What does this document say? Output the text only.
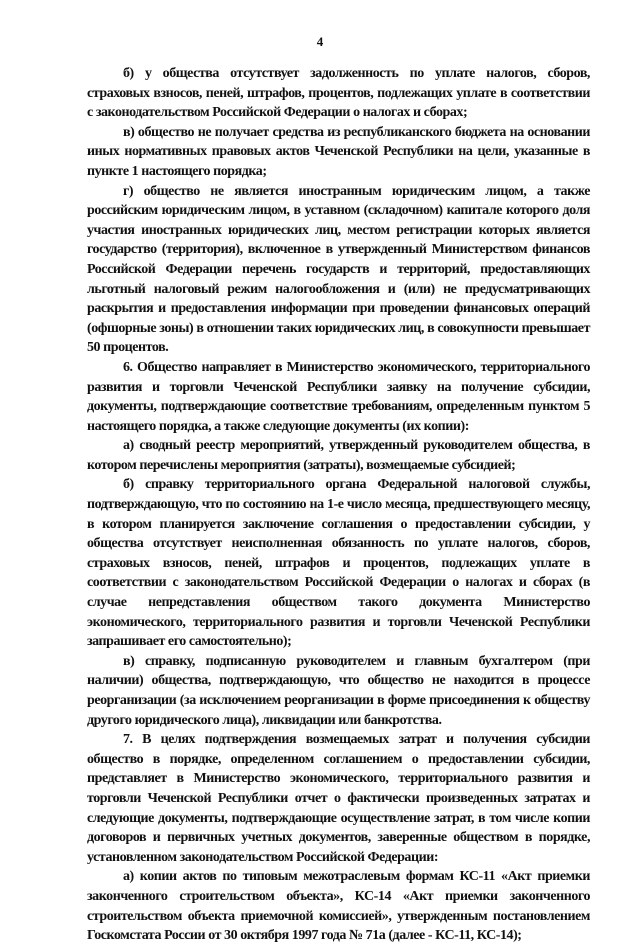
4

б) у общества отсутствует задолженность по уплате налогов, сборов, страховых взносов, пеней, штрафов, процентов, подлежащих уплате в соответствии с законодательством Российской Федерации о налогах и сборах;

в) общество не получает средства из республиканского бюджета на основании иных нормативных правовых актов Чеченской Республики на цели, указанные в пункте 1 настоящего порядка;

г) общество не является иностранным юридическим лицом, а также российским юридическим лицом, в уставном (складочном) капитале которого доля участия иностранных юридических лиц, местом регистрации которых является государство (территория), включенное в утвержденный Министерством финансов Российской Федерации перечень государств и территорий, предоставляющих льготный налоговый режим налогообложения и (или) не предусматривающих раскрытия и предоставления информации при проведении финансовых операций (офшорные зоны) в отношении таких юридических лиц, в совокупности превышает 50 процентов.

6. Общество направляет в Министерство экономического, территориального развития и торговли Чеченской Республики заявку на получение субсидии, документы, подтверждающие соответствие требованиям, определенным пунктом 5 настоящего порядка, а также следующие документы (их копии):

а) сводный реестр мероприятий, утвержденный руководителем общества, в котором перечислены мероприятия (затраты), возмещаемые субсидией;

б) справку территориального органа Федеральной налоговой службы, подтверждающую, что по состоянию на 1-е число месяца, предшествующего месяцу, в котором планируется заключение соглашения о предоставлении субсидии, у общества отсутствует неисполненная обязанность по уплате налогов, сборов, страховых взносов, пеней, штрафов и процентов, подлежащих уплате в соответствии с законодательством Российской Федерации о налогах и сборах (в случае непредставления обществом такого документа Министерство экономического, территориального развития и торговли Чеченской Республики запрашивает его самостоятельно);

в) справку, подписанную руководителем и главным бухгалтером (при наличии) общества, подтверждающую, что общество не находится в процессе реорганизации (за исключением реорганизации в форме присоединения к обществу другого юридического лица), ликвидации или банкротства.

7. В целях подтверждения возмещаемых затрат и получения субсидии общество в порядке, определенном соглашением о предоставлении субсидии, представляет в Министерство экономического, территориального развития и торговли Чеченской Республики отчет о фактически произведенных затратах и следующие документы, подтверждающие осуществление затрат, в том числе копии договоров и первичных учетных документов, заверенные обществом в порядке, установленном законодательством Российской Федерации:

а) копии актов по типовым межотраслевым формам КС-11 «Акт приемки законченного строительством объекта», КС-14 «Акт приемки законченного строительством объекта приемочной комиссией», утвержденным постановлением Госкомстата России от 30 октября 1997 года № 71а (далее - КС-11, КС-14);
